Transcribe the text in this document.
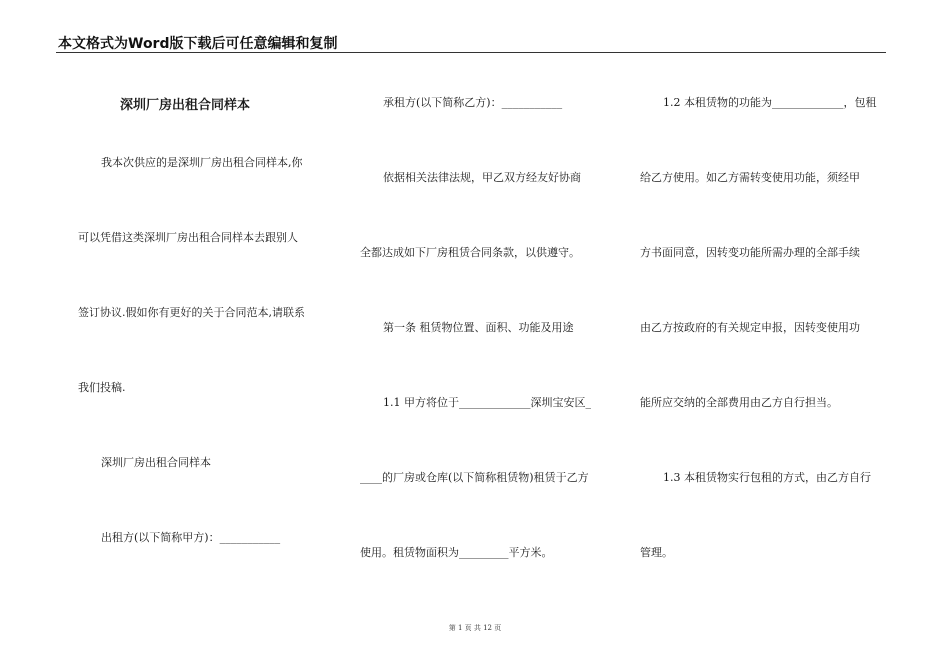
本文格式为Word版下载后可任意编辑和复制
深圳厂房出租合同样本
我本次供应的是深圳厂房出租合同样本,你
可以凭借这类深圳厂房出租合同样本去跟别人
签订协议.假如你有更好的关于合同范本,请联系
我们投稿.
深圳厂房出租合同样本
出租方(以下简称甲方)：___________
承租方(以下简称乙方)：___________
依据相关法律法规，甲乙双方经友好协商
全都达成如下厂房租赁合同条款，以供遵守。
第一条 租赁物位置、面积、功能及用途
1.1 甲方将位于_____________深圳宝安区_
____的厂房或仓库(以下简称租赁物)租赁于乙方
使用。租赁物面积为_________平方米。
1.2 本租赁物的功能为_____________，包租
给乙方使用。如乙方需转变使用功能，须经甲
方书面同意，因转变功能所需办理的全部手续
由乙方按政府的有关规定申报，因转变使用功
能所应交纳的全部费用由乙方自行担当。
1.3 本租赁物实行包租的方式，由乙方自行
管理。
第 1 页 共 12 页
